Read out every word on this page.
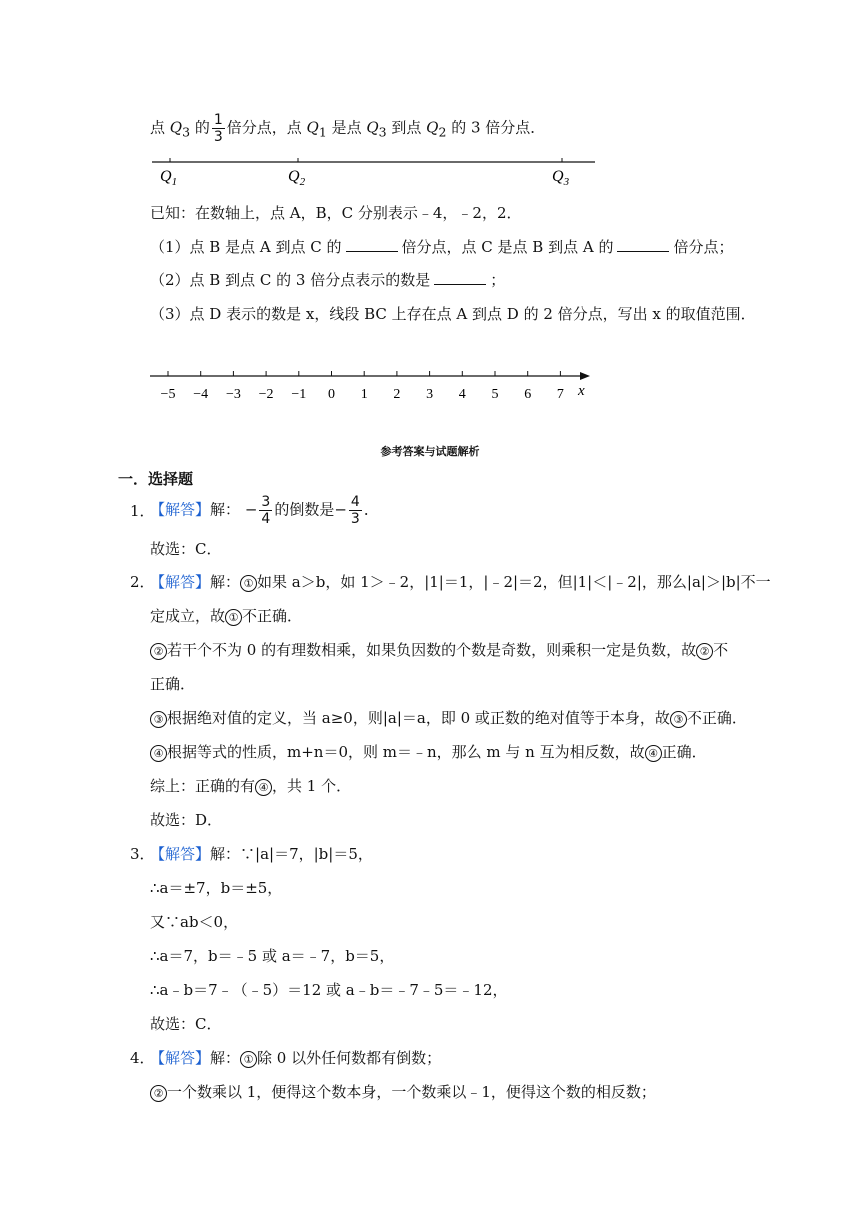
点 $Q_3$ 的 $\frac{1}{3}$ 倍分点，点 $Q_1$ 是点 $Q_3$ 到点 $Q_2$ 的 3 倍分点．
$Q_1$	$Q_2$	$Q_3$
已知：在数轴上，点 A，B，C 分别表示﹣4，﹣2，2．
（1）点 B 是点 A 到点 C 的	倍分点，点 C 是点 B 到点 A 的	倍分点；
（2）点 B 到点 C 的 3 倍分点表示的数是	；
（3）点 D 表示的数是 x，线段 BC 上存在点 A 到点 D 的 2 倍分点，写出 x 的取值范围．
x
−5 −4 −3 −2 −1 0 1 2 3 4 5 6 7
参考答案与试题解析
一．选择题
1．
【解答】解： − $\frac{3}{4}$ 的倒数是− $\frac{4}{3}$ ．
故选：C．
2．
【解答】解： ① 如果 a＞b，如 1＞﹣2，|1|＝1，|﹣2|＝2，但|1|＜|﹣2|，那么|a|＞|b|不一
定成立，故 ① 不正确．
② 若干个不为 0 的有理数相乘，如果负因数的个数是奇数，则乘积一定是负数，故 ② 不
正确．
③ 根据绝对值的定义，当 a≥0，则|a|＝a，即 0 或正数的绝对值等于本身，故 ③ 不正确．
④ 根据等式的性质，m+n＝0，则 m＝﹣n，那么 m 与 n 互为相反数，故 ④ 正确．
综上：正确的有 ④ ，共 1 个．
故选：D．
3．
【解答】解：∵|a|＝7，|b|＝5，
∴a＝±7，b＝±5，
又∵ab＜0，
∴a＝7，b＝﹣5 或 a＝﹣7，b＝5，
∴a﹣b＝7﹣（﹣5）＝12 或 a﹣b＝﹣7﹣5＝﹣12，
故选：C．
4．
【解答】解： ① 除 0 以外任何数都有倒数；
② 一个数乘以 1，便得这个数本身，一个数乘以﹣1，便得这个数的相反数；
